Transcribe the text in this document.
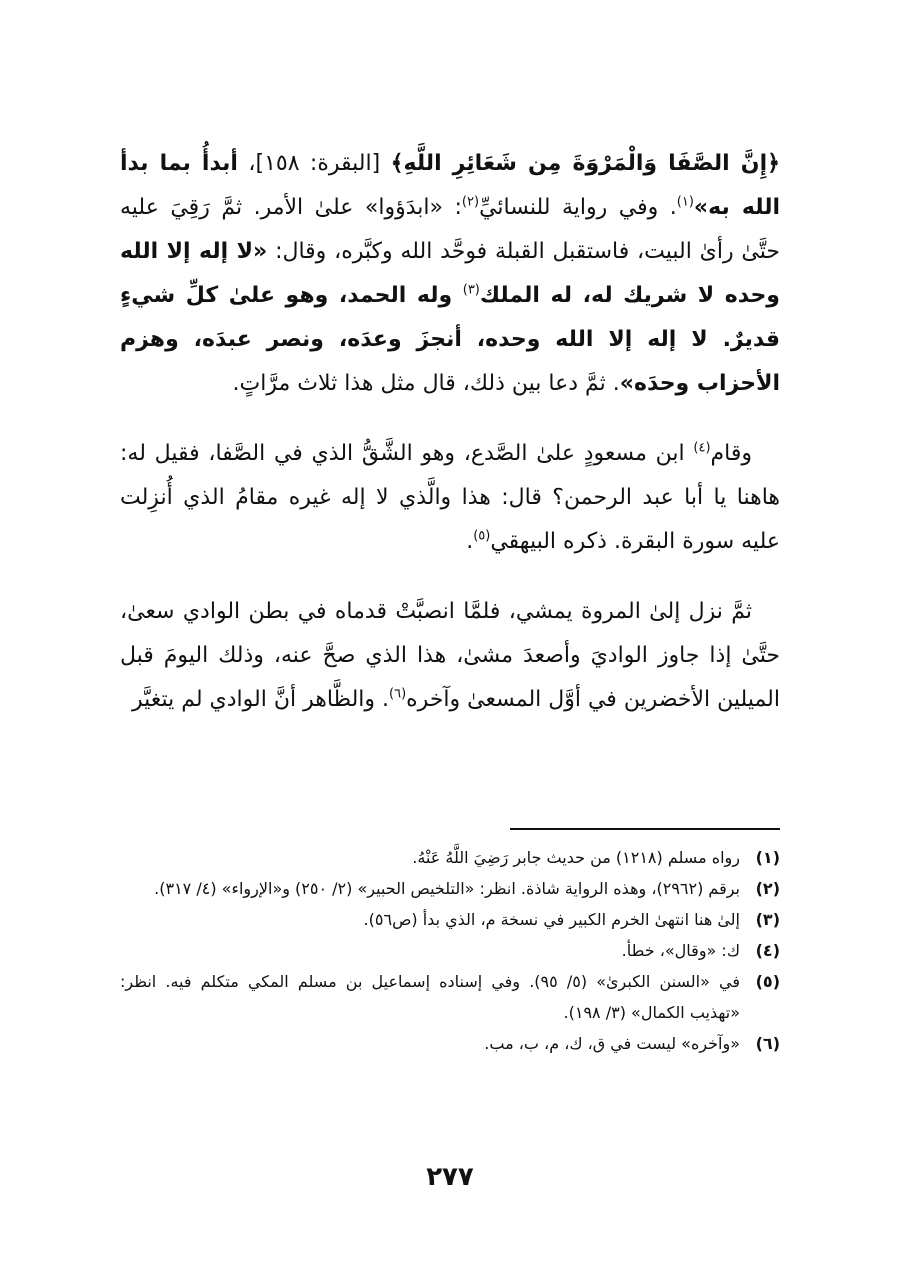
﴿إِنَّ الصَّفَا وَالْمَرْوَةَ مِن شَعَائِرِ اللَّهِ﴾ [البقرة: ١٥٨]، أبدأُ بما بدأ الله به»$^{(١)}$. وفي رواية للنسائيِّ$^{(٢)}$: «ابدَؤوا» علىٰ الأمر. ثمَّ رَقِيَ عليه حتَّىٰ رأىٰ البيت، فاستقبل القبلة فوحَّد الله وكبَّره، وقال: «لا إله إلا الله وحده لا شريك له، له الملك$^{(٣)}$ وله الحمد، وهو علىٰ كلِّ شيءٍ قديرٌ. لا إله إلا الله وحده، أنجزَ وعدَه، ونصر عبدَه، وهزم الأحزاب وحدَه». ثمَّ دعا بين ذلك، قال مثل هذا ثلاث مرَّاتٍ.

وقام$^{(٤)}$ ابن مسعودٍ علىٰ الصَّدع، وهو الشَّقُّ الذي في الصَّفا، فقيل له: هاهنا يا أبا عبد الرحمن؟ قال: هذا والَّذي لا إله غيره مقامُ الذي أُنزِلت عليه سورة البقرة. ذكره البيهقي$^{(٥)}$.

ثمَّ نزل إلىٰ المروة يمشي، فلمَّا انصبَّتْ قدماه في بطن الوادي سعىٰ، حتَّىٰ إذا جاوز الواديَ وأصعدَ مشىٰ، هذا الذي صحَّ عنه، وذلك اليومَ قبل الميلين الأخضرين في أوَّل المسعىٰ وآخره$^{(٦)}$. والظَّاهر أنَّ الوادي لم يتغيَّر

(١)
رواه مسلم (١٢١٨) من حديث جابر رَضِيَ اللَّهُ عَنْهُ.
(٢)
برقم (٢٩٦٢)، وهذه الرواية شاذة. انظر: «التلخيص الحبير» (٢/ ٢٥٠) و«الإرواء» (٤/ ٣١٧).
(٣)
إلىٰ هنا انتهىٰ الخرم الكبير في نسخة م، الذي بدأ (ص٥٦).
(٤)
ك: «وقال»، خطأ.
(٥)
في «السنن الكبرىٰ» (٥/ ٩٥). وفي إسناده إسماعيل بن مسلم المكي متكلم فيه. انظر: «تهذيب الكمال» (٣/ ١٩٨).
(٦)
«وآخره» ليست في ق، ك، م، ب، مب.
٢٧٧
